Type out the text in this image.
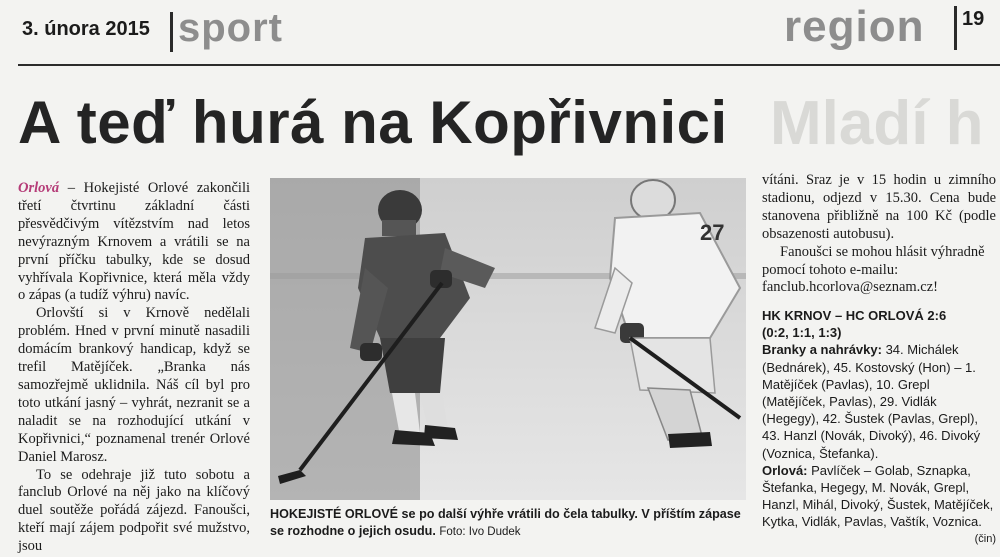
3. února 2015 sport	region 19
Mladí h
A teď hurá na Kopřivnici

Orlová – Hokejisté Orlové zakončili třetí čtvrtinu základní části přesvědčivým vítězstvím nad letos nevýrazným Krnovem a vrátili se na první příčku tabulky, kde se dosud vyhřívala Kopřivnice, která měla vždy o zápas (a tudíž výhru) navíc.

Orlovští si v Krnově nedělali problém. Hned v první minutě nasadili domácím brankový handicap, když se trefil Matějíček. „Branka nás samozřejmě uklidnila. Náš cíl byl pro toto utkání jasný – vyhrát, nezranit se a naladit se na rozhodující utkání v Kopřivnici,“ poznamenal trenér Orlové Daniel Marosz.

To se odehraje již tuto sobotu a fanclub Orlové na něj jako na klíčový duel soutěže pořádá zájezd. Fanoušci, kteří mají zájem podpořit své mužstvo, jsou

27
HOKEJISTÉ ORLOVÉ se po další výhře vrátili do čela tabulky. V příštím zápase se rozhodne o jejich osudu. Foto: Ivo Dudek

vítáni. Sraz je v 15 hodin u zimního stadionu, odjezd v 15.30. Cena bude stanovena přibližně na 100 Kč (podle obsazenosti autobusu).

Fanoušci se mohou hlásit výhradně pomocí tohoto e-mailu: fanclub.hcorlova@seznam.cz!

HK KRNOV – HC ORLOVÁ 2:6
(0:2, 1:1, 1:3)

Branky a nahrávky: 34. Michálek (Bednárek), 45. Kostovský (Hon) – 1. Matějíček (Pavlas), 10. Grepl (Matějíček, Pavlas), 29. Vidlák (Hegegy), 42. Šustek (Pavlas, Grepl), 43. Hanzl (Novák, Divoký), 46. Divoký (Voznica, Štefanka).

Orlová: Pavlíček – Golab, Sznapka, Štefanka, Hegegy, M. Novák, Grepl, Hanzl, Mihál, Divoký, Šustek, Matějíček, Kytka, Vidlák, Pavlas, Vaštík, Voznica.
(čin)
